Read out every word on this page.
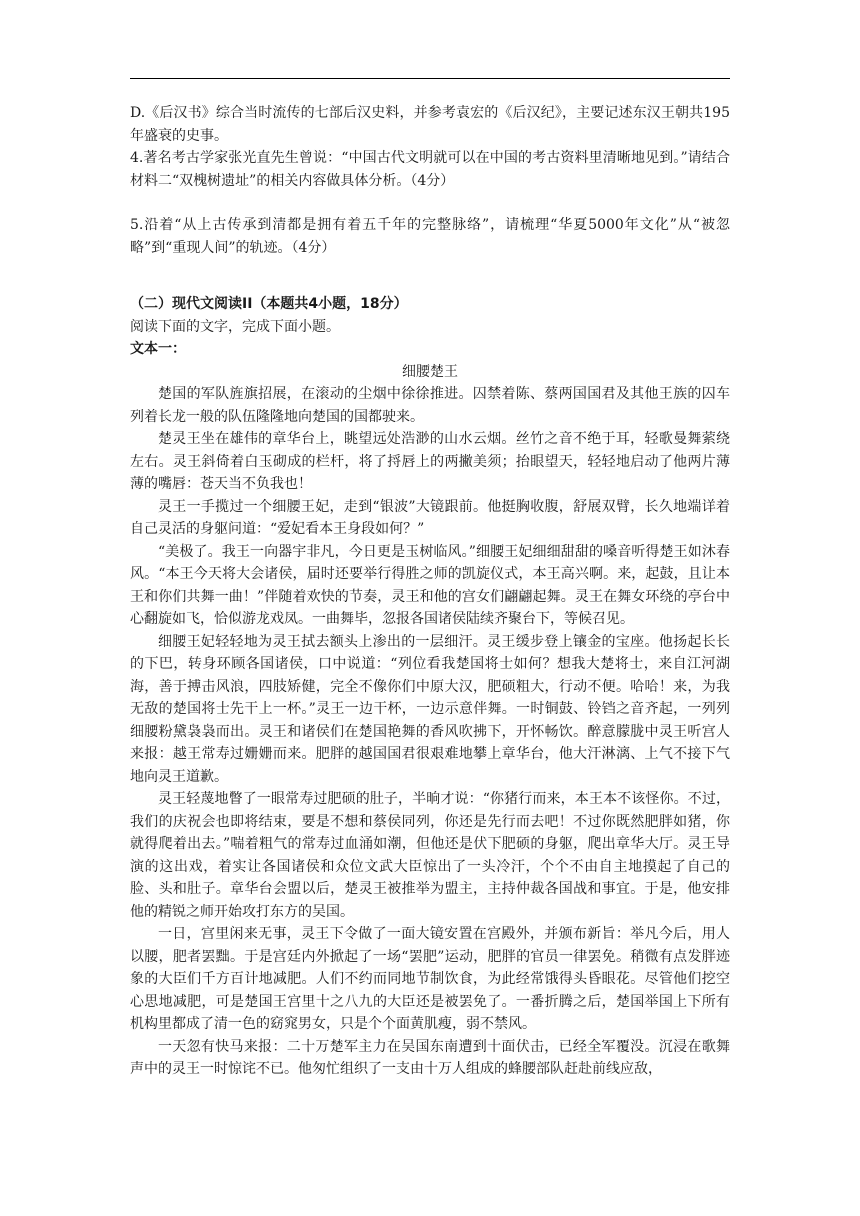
D.《后汉书》综合当时流传的七部后汉史料，并参考袁宏的《后汉纪》，主要记述东汉王朝共195年盛衰的史事。

4.著名考古学家张光直先生曾说：“中国古代文明就可以在中国的考古资料里清晰地见到。”请结合材料二“双槐树遗址”的相关内容做具体分析。（4分）

5.沿着“从上古传承到清都是拥有着五千年的完整脉络”，请梳理“华夏5000年文化”从“被忽略”到“重现人间”的轨迹。（4分）

（二）现代文阅读II（本题共4小题，18分）

阅读下面的文字，完成下面小题。

文本一：

细腰楚王

楚国的军队旌旗招展，在滚动的尘烟中徐徐推进。囚禁着陈、蔡两国国君及其他王族的囚车列着长龙一般的队伍隆隆地向楚国的国都驶来。

楚灵王坐在雄伟的章华台上，眺望远处浩渺的山水云烟。丝竹之音不绝于耳，轻歌曼舞萦绕左右。灵王斜倚着白玉砌成的栏杆，将了捋唇上的两撇美须；抬眼望天，轻轻地启动了他两片薄薄的嘴唇：苍天当不负我也！

灵王一手揽过一个细腰王妃，走到“银波”大镜跟前。他挺胸收腹，舒展双臂，长久地端详着自己灵活的身躯问道：“爱妃看本王身段如何？”

“美极了。我王一向器宇非凡，今日更是玉树临风。”细腰王妃细细甜甜的嗓音听得楚王如沐春风。“本王今天将大会诸侯，届时还要举行得胜之师的凯旋仪式，本王高兴啊。来，起鼓，且让本王和你们共舞一曲！”伴随着欢快的节奏，灵王和他的宫女们翩翩起舞。灵王在舞女环绕的亭台中心翻旋如飞，恰似游龙戏凤。一曲舞毕，忽报各国诸侯陆续齐聚台下，等候召见。

细腰王妃轻轻地为灵王拭去额头上渗出的一层细汗。灵王缓步登上镶金的宝座。他扬起长长的下巴，转身环顾各国诸侯，口中说道：“列位看我楚国将士如何？想我大楚将士，来自江河湖海，善于搏击风浪，四肢矫健，完全不像你们中原大汉，肥硕粗大，行动不便。哈哈！来，为我无敌的楚国将士先干上一杯。”灵王一边干杯，一边示意伴舞。一时铜鼓、铃铛之音齐起，一列列细腰粉黛袅袅而出。灵王和诸侯们在楚国艳舞的香风吹拂下，开怀畅饮。醉意朦胧中灵王听宫人来报：越王常寿过姗姗而来。肥胖的越国国君很艰难地攀上章华台，他大汗淋漓、上气不接下气地向灵王道歉。

灵王轻蔑地瞥了一眼常寿过肥硕的肚子，半晌才说：“你猪行而来，本王本不该怪你。不过，我们的庆祝会也即将结束，要是不想和蔡侯同列，你还是先行而去吧！不过你既然肥胖如猪，你就得爬着出去。”喘着粗气的常寿过血涌如潮，但他还是伏下肥硕的身躯，爬出章华大厅。灵王导演的这出戏，着实让各国诸侯和众位文武大臣惊出了一头冷汗，个个不由自主地摸起了自己的脸、头和肚子。章华台会盟以后，楚灵王被推举为盟主，主持仲裁各国战和事宜。于是，他安排他的精锐之师开始攻打东方的吴国。

一日，宫里闲来无事，灵王下令做了一面大镜安置在宫殿外，并颁布新旨：举凡今后，用人以腰，肥者罢黜。于是宫廷内外掀起了一场“罢肥”运动，肥胖的官员一律罢免。稍微有点发胖迹象的大臣们千方百计地减肥。人们不约而同地节制饮食，为此经常饿得头昏眼花。尽管他们挖空心思地减肥，可是楚国王宫里十之八九的大臣还是被罢免了。一番折腾之后，楚国举国上下所有机构里都成了清一色的窈窕男女，只是个个面黄肌瘦，弱不禁风。

一天忽有快马来报：二十万楚军主力在吴国东南遭到十面伏击，已经全军覆没。沉浸在歌舞声中的灵王一时惊诧不已。他匆忙组织了一支由十万人组成的蜂腰部队赶赴前线应敌，
